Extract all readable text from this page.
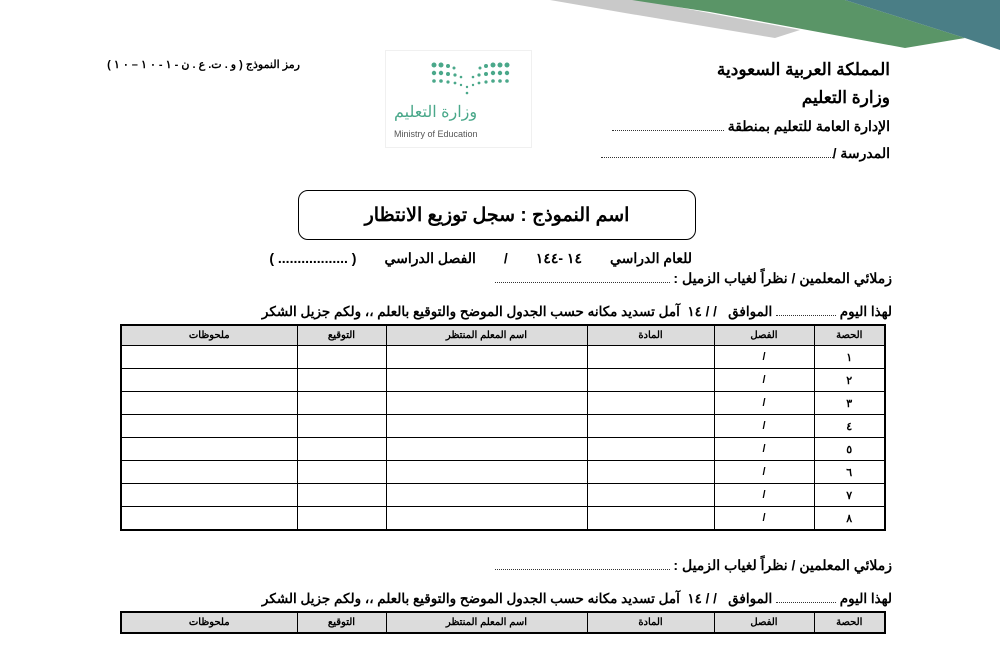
المملكة العربية السعودية
وزارة التعليم
الإدارة العامة للتعليم بمنطقة
المدرسة /
رمز النموذج ( و . ت. ع . ن - ١ - ٠ ١ – ٠ ١ )
وزارة التعليم
Ministry of Education
اسم النموذج : سجل توزيع الانتظار
للعام الدراسي
١٤ -١٤٤
/
الفصل الدراسي
( .................. )
زملائي المعلمين / نظراً لغياب الزميل :
لهذا اليوم  الموافق   / / ١٤  آمل تسديد مكانه حسب الجدول الموضح والتوقيع بالعلم ،، ولكم جزيل الشكر
الحصة	الفصل	المادة	اسم المعلم المنتظر	التوقيع	ملحوظات
١	/				
٢	/				
٣	/				
٤	/				
٥	/				
٦	/				
٧	/				
٨	/				
زملائي المعلمين / نظراً لغياب الزميل :
لهذا اليوم  الموافق   / / ١٤  آمل تسديد مكانه حسب الجدول الموضح والتوقيع بالعلم ،، ولكم جزيل الشكر
الحصة	الفصل	المادة	اسم المعلم المنتظر	التوقيع	ملحوظات
